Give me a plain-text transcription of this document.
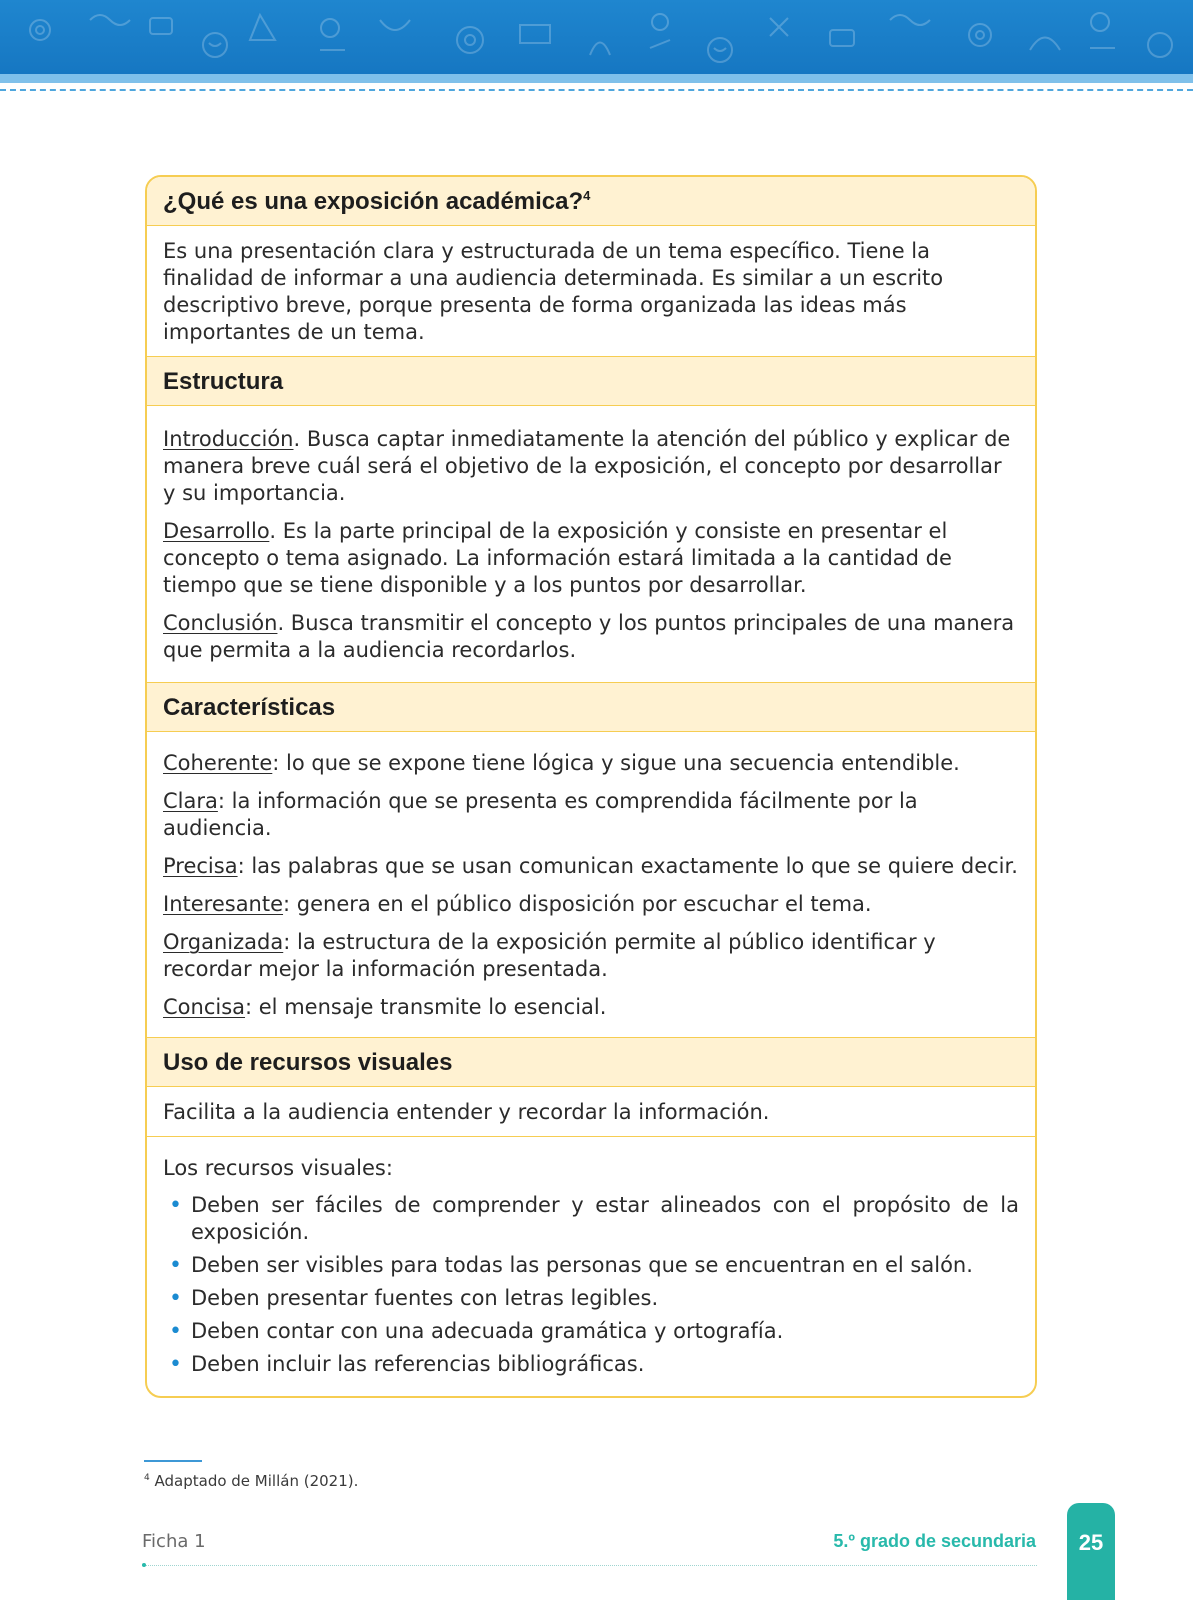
¿Qué es una exposición académica?$^4$

Es una presentación clara y estructurada de un tema específico. Tiene la finalidad de informar a una audiencia determinada. Es similar a un escrito descriptivo breve, porque presenta de forma organizada las ideas más importantes de un tema.

Estructura

Introducción. Busca captar inmediatamente la atención del público y explicar de manera breve cuál será el objetivo de la exposición, el concepto por desarrollar y su importancia.

Desarrollo. Es la parte principal de la exposición y consiste en presentar el concepto o tema asignado. La información estará limitada a la cantidad de tiempo que se tiene disponible y a los puntos por desarrollar.

Conclusión. Busca transmitir el concepto y los puntos principales de una manera que permita a la audiencia recordarlos.

Características

Coherente: lo que se expone tiene lógica y sigue una secuencia entendible.

Clara: la información que se presenta es comprendida fácilmente por la audiencia.

Precisa: las palabras que se usan comunican exactamente lo que se quiere decir.

Interesante: genera en el público disposición por escuchar el tema.

Organizada: la estructura de la exposición permite al público identificar y recordar mejor la información presentada.

Concisa: el mensaje transmite lo esencial.

Uso de recursos visuales

Facilita a la audiencia entender y recordar la información.

Los recursos visuales:

• Deben ser fáciles de comprender y estar alineados con el propósito de la exposición.
• Deben ser visibles para todas las personas que se encuentran en el salón.
• Deben presentar fuentes con letras legibles.
• Deben contar con una adecuada gramática y ortografía.
• Deben incluir las referencias bibliográficas.
$^4$ Adaptado de Millán (2021).
Ficha 1	5.º grado de secundaria	25
